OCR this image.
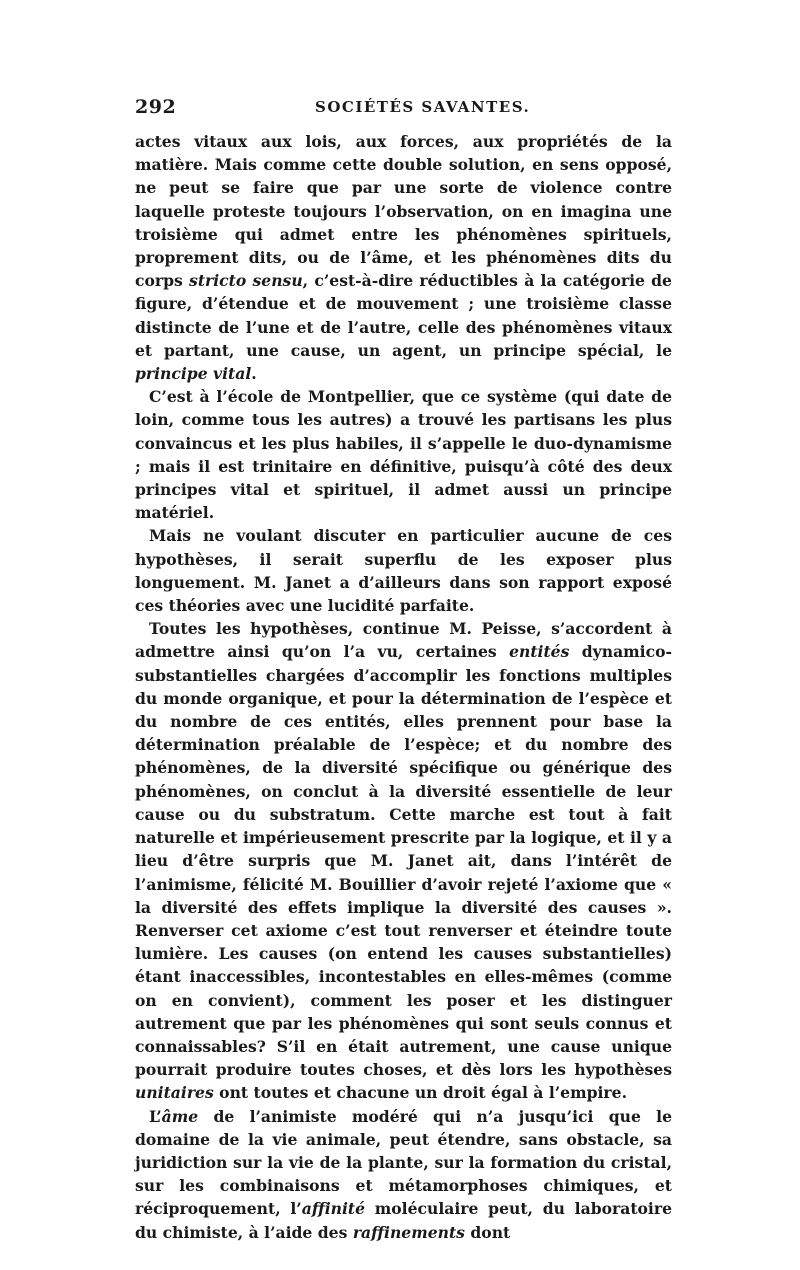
292	SOCIÉTÉS SAVANTES.

actes vitaux aux lois, aux forces, aux propriétés de la matière. Mais comme cette double solution, en sens opposé, ne peut se faire que par une sorte de violence contre laquelle proteste toujours l’observation, on en imagina une troisième qui admet entre les phénomènes spirituels, proprement dits, ou de l’âme, et les phénomènes dits du corps stricto sensu, c’est-à-dire réductibles à la catégorie de figure, d’étendue et de mouvement ; une troisième classe distincte de l’une et de l’autre, celle des phénomènes vitaux et partant, une cause, un agent, un principe spécial, le principe vital.

C’est à l’école de Montpellier, que ce système (qui date de loin, comme tous les autres) a trouvé les partisans les plus convaincus et les plus habiles, il s’appelle le duo-dynamisme ; mais il est trinitaire en définitive, puisqu’à côté des deux principes vital et spirituel, il admet aussi un principe matériel.

Mais ne voulant discuter en particulier aucune de ces hypothèses, il serait superflu de les exposer plus longuement. M. Janet a d’ailleurs dans son rapport exposé ces théories avec une lucidité parfaite.

Toutes les hypothèses, continue M. Peisse, s’accordent à admettre ainsi qu’on l’a vu, certaines entités dynamico-substantielles chargées d’accomplir les fonctions multiples du monde organique, et pour la détermination de l’espèce et du nombre de ces entités, elles prennent pour base la détermination préalable de l’espèce; et du nombre des phénomènes, de la diversité spécifique ou générique des phénomènes, on conclut à la diversité essentielle de leur cause ou du substratum. Cette marche est tout à fait naturelle et impérieusement prescrite par la logique, et il y a lieu d’être surpris que M. Janet ait, dans l’intérêt de l’animisme, félicité M. Bouillier d’avoir rejeté l’axiome que « la diversité des effets implique la diversité des causes ». Renverser cet axiome c’est tout renverser et éteindre toute lumière. Les causes (on entend les causes substantielles) étant inaccessibles, incontestables en elles-mêmes (comme on en convient), comment les poser et les distinguer autrement que par les phénomènes qui sont seuls connus et connaissables? S’il en était autrement, une cause unique pourrait produire toutes choses, et dès lors les hypothèses unitaires ont toutes et chacune un droit égal à l’empire.

L’âme de l’animiste modéré qui n’a jusqu’ici que le domaine de la vie animale, peut étendre, sans obstacle, sa juridiction sur la vie de la plante, sur la formation du cristal, sur les combinaisons et métamorphoses chimiques, et réciproquement, l’affinité moléculaire peut, du laboratoire du chimiste, à l’aide des raffinements dont
